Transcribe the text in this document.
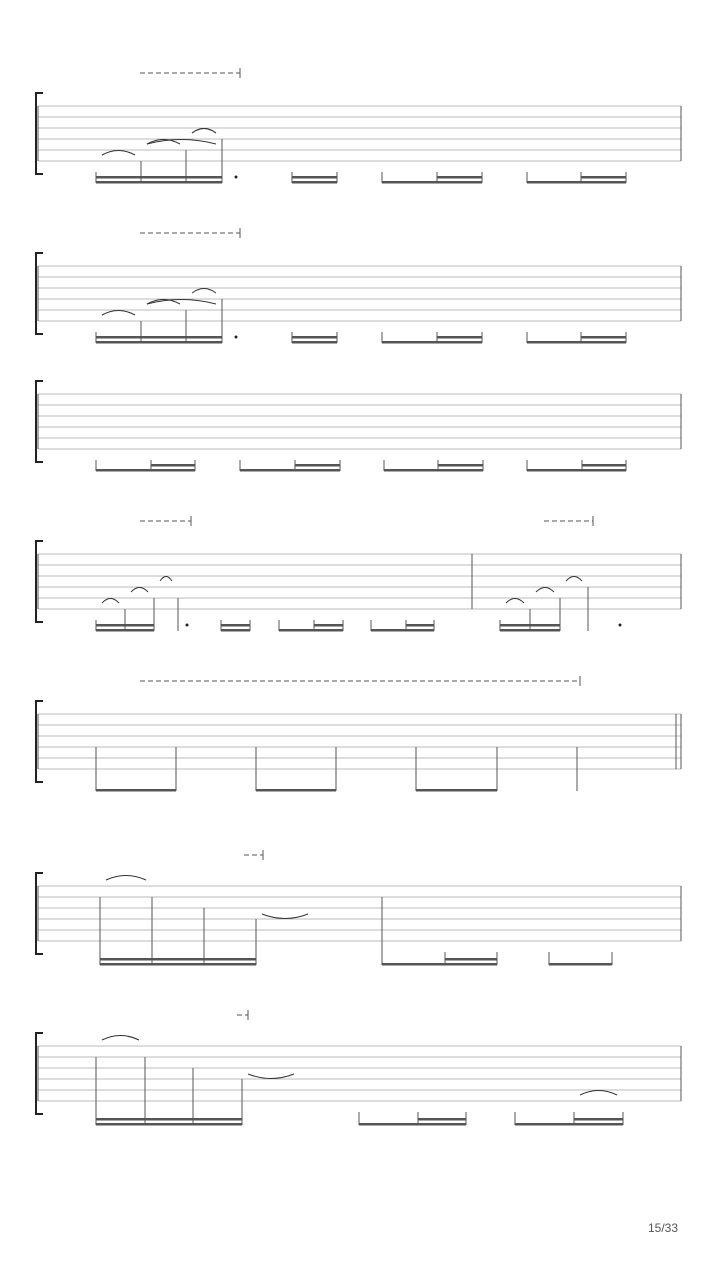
15/33
